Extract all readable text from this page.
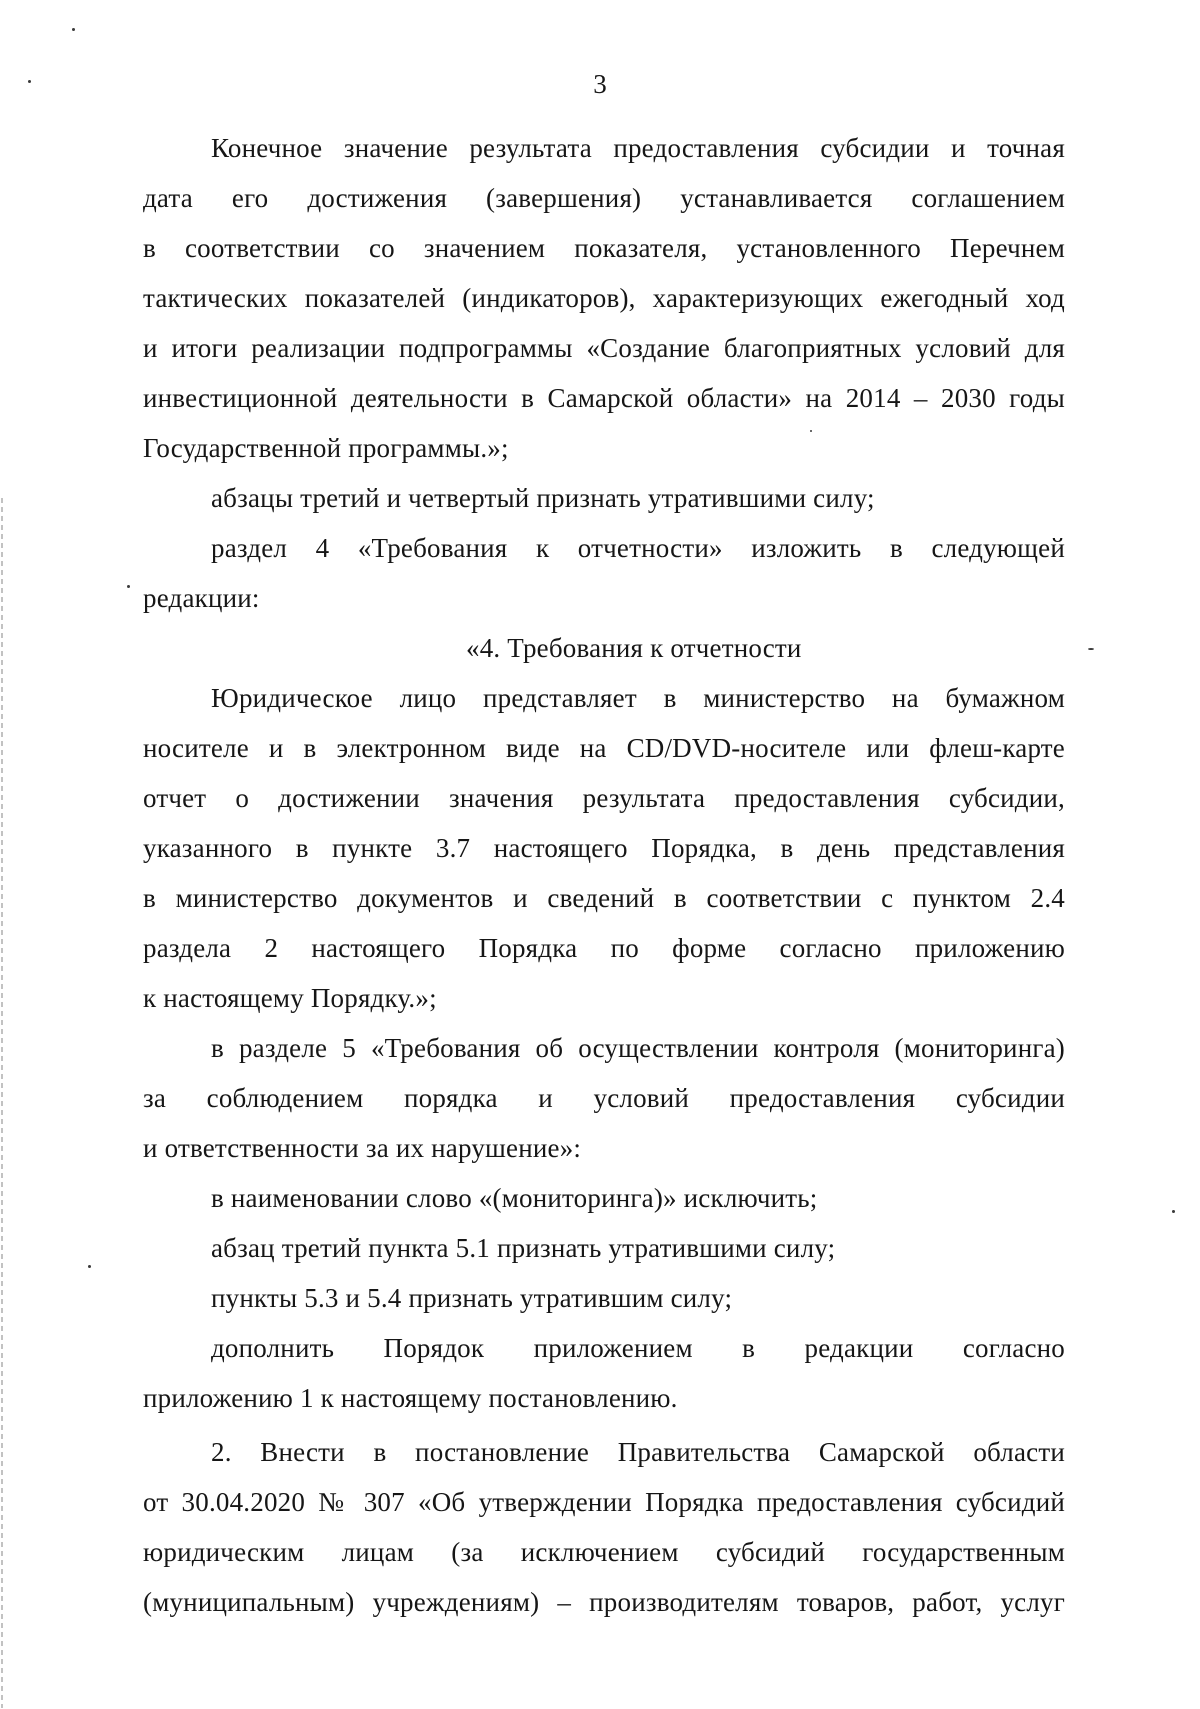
3
Конечное значение результата предоставления субсидии и точная
дата его достижения (завершения) устанавливается соглашением
в соответствии со значением показателя, установленного Перечнем
тактических показателей (индикаторов), характеризующих ежегодный ход
и итоги реализации подпрограммы «Создание благоприятных условий для
инвестиционной деятельности в Самарской области» на 2014 – 2030 годы
Государственной программы.»;
абзацы третий и четвертый признать утратившими силу;
раздел 4 «Требования к отчетности» изложить в следующей
редакции:
«4. Требования к отчетности
Юридическое лицо представляет в министерство на бумажном
носителе и в электронном виде на CD/DVD-носителе или флеш-карте
отчет о достижении значения результата предоставления субсидии,
указанного в пункте 3.7 настоящего Порядка, в день представления
в министерство документов и сведений в соответствии с пунктом 2.4
раздела 2 настоящего Порядка по форме согласно приложению
к настоящему Порядку.»;
в разделе 5 «Требования об осуществлении контроля (мониторинга)
за соблюдением порядка и условий предоставления субсидии
и ответственности за их нарушение»:
в наименовании слово «(мониторинга)» исключить;
абзац третий пункта 5.1 признать утратившими силу;
пункты 5.3 и 5.4 признать утратившим силу;
дополнить Порядок приложением в редакции согласно
приложению 1 к настоящему постановлению.
2. Внести в постановление Правительства Самарской области
от 30.04.2020 № 307 «Об утверждении Порядка предоставления субсидий
юридическим лицам (за исключением субсидий государственным
(муниципальным) учреждениям) – производителям товаров, работ, услуг
